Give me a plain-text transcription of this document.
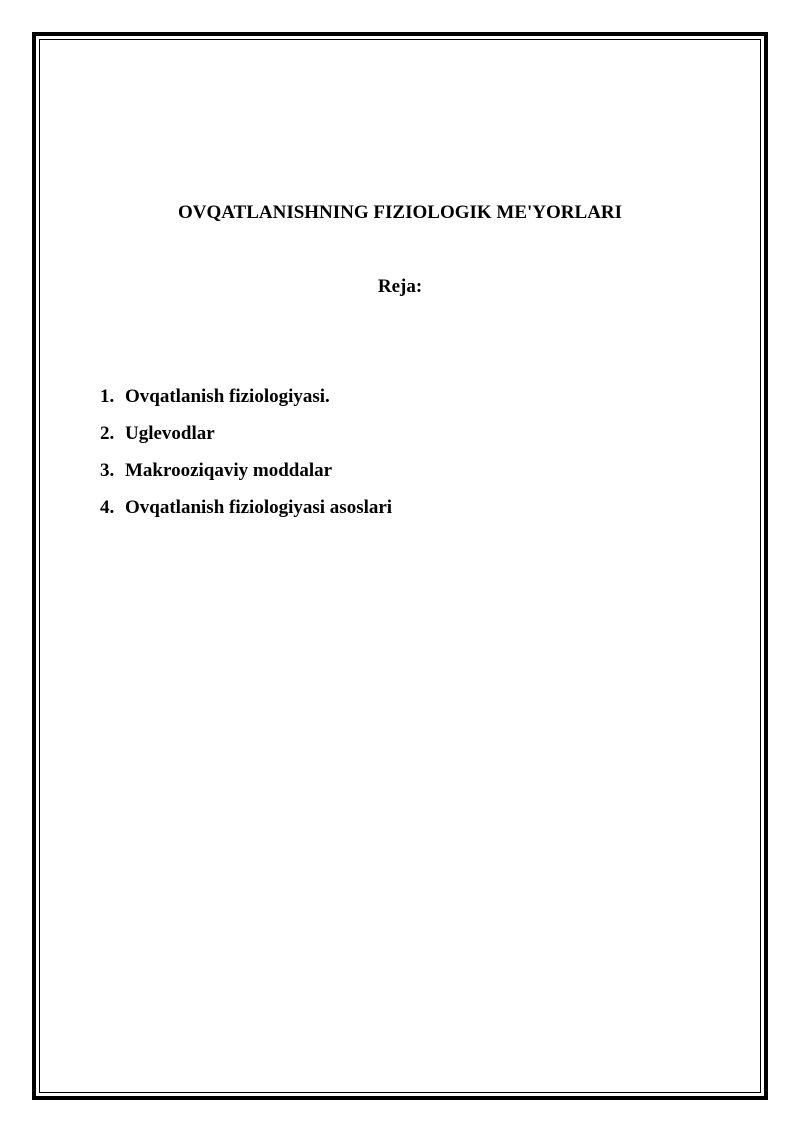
OVQATLANISHNING FIZIOLOGIK ME'YORLARI
Reja:
1. Ovqatlanish fiziologiyasi.
2. Uglevodlar
3. Makrooziqaviy moddalar
4. Ovqatlanish fiziologiyasi asoslari
